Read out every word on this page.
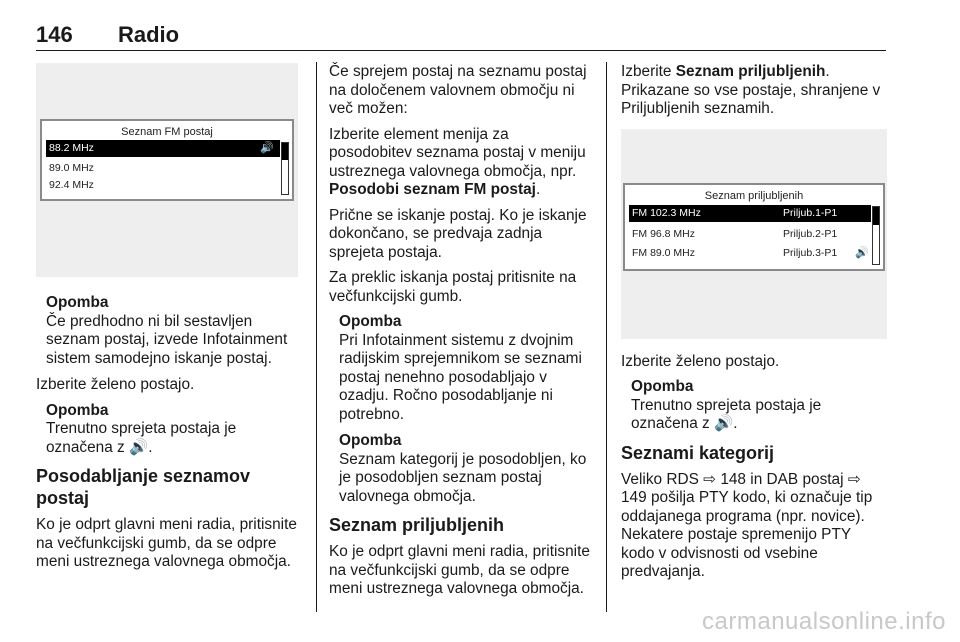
146 Radio
Seznam FM postaj
88.2 MHz	🔊
89.0 MHz
92.4 MHz
Opomba
Če predhodno ni bil sestavljen seznam postaj, izvede Infotainment sistem samodejno iskanje postaj.

Izberite želeno postajo.

Opomba
Trenutno sprejeta postaja je označena z 🔊.
Posodabljanje seznamov postaj

Ko je odprt glavni meni radia, pritisnite na večfunkcijski gumb, da se odpre meni ustreznega valovnega območja.

Če sprejem postaj na seznamu postaj na določenem valovnem območju ni več možen:

Izberite element menija za posodobitev seznama postaj v meniju ustreznega valovnega območja, npr. Posodobi seznam FM postaj.

Prične se iskanje postaj. Ko je iskanje dokončano, se predvaja zadnja sprejeta postaja.

Za preklic iskanja postaj pritisnite na večfunkcijski gumb.

Opomba
Pri Infotainment sistemu z dvojnim radijskim sprejemnikom se seznami postaj nenehno posodabljajo v ozadju. Ročno posodabljanje ni potrebno.
Opomba
Seznam kategorij je posodobljen, ko je posodobljen seznam postaj valovnega območja.
Seznam priljubljenih

Ko je odprt glavni meni radia, pritisnite na večfunkcijski gumb, da se odpre meni ustreznega valovnega območja.

Izberite Seznam priljubljenih.
Prikazane so vse postaje, shranjene v Priljubljenih seznamih.

Seznam priljubljenih
FM 102.3 MHz	Priljub.1-P1
FM 96.8 MHz	Priljub.2-P1
FM 89.0 MHz	Priljub.3-P1 🔊

Izberite želeno postajo.

Opomba
Trenutno sprejeta postaja je označena z 🔊.
Seznami kategorij

Veliko RDS ⇨ 148 in DAB postaj ⇨ 149 pošilja PTY kodo, ki označuje tip oddajanega programa (npr. novice). Nekatere postaje spremenijo PTY kodo v odvisnosti od vsebine predvajanja.

carmanualsonline.info
